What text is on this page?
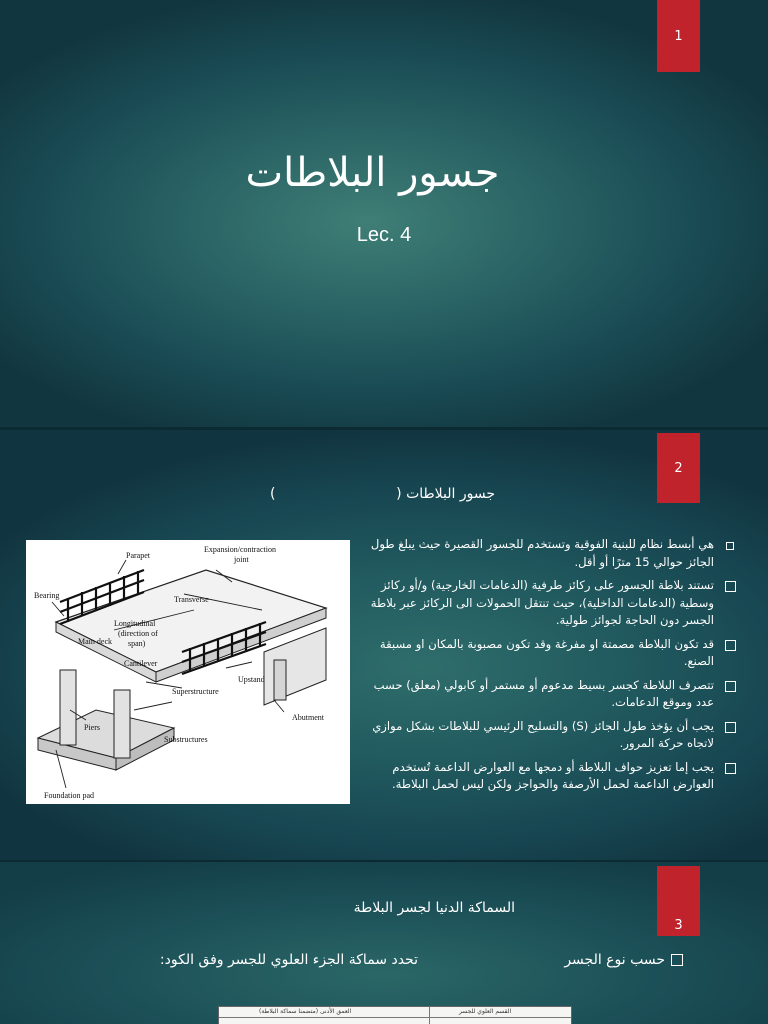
1
جسور البلاطات
Lec. 4
2
جسور البلاطات (
)
Parapet
Expansion/contraction
joint
Bearing	Transverse
Longitudinal
(direction of
span)
Main deck
Cantilever
Upstand
Superstructure
Abutment
Piers
Substructures
Foundation pad
هي أبسط نظام للبنية الفوقية وتستخدم للجسور القصيرة حيث يبلغ طول الجائز حوالي 15 مترًا أو أقل.
تستند بلاطة الجسور على ركائز طرفية (الدعامات الخارجية) و/أو ركائز وسطية (الدعامات الداخلية)، حيث تنتقل الحمولات الى الركائز عبر بلاطة الجسر دون الحاجة لجوائز طولية.
قد تكون البلاطة مصمتة او مفرغة وقد تكون مصبوبة بالمكان او مسبقة الصنع.
تتصرف البلاطة كجسر بسيط مدعوم أو مستمر أو كابولي (معلق) حسب عدد وموقع الدعامات.
يجب أن يؤخذ طول الجائز (S) والتسليح الرئيسي للبلاطات بشكل موازي لاتجاه حركة المرور.
يجب إما تعزيز حواف البلاطة أو دمجها مع العوارض الداعمة تُستخدم العوارض الداعمة لحمل الأرصفة والحواجز ولكن ليس لحمل البلاطة.
3
السماكة الدنيا لجسر البلاطة
حسب نوع الجسر
تحدد سماكة الجزء العلوي للجسر وفق الكود:
القسم العلوي للجسر
العمق الأدنى (متضمنا سماكة البلاطة)
